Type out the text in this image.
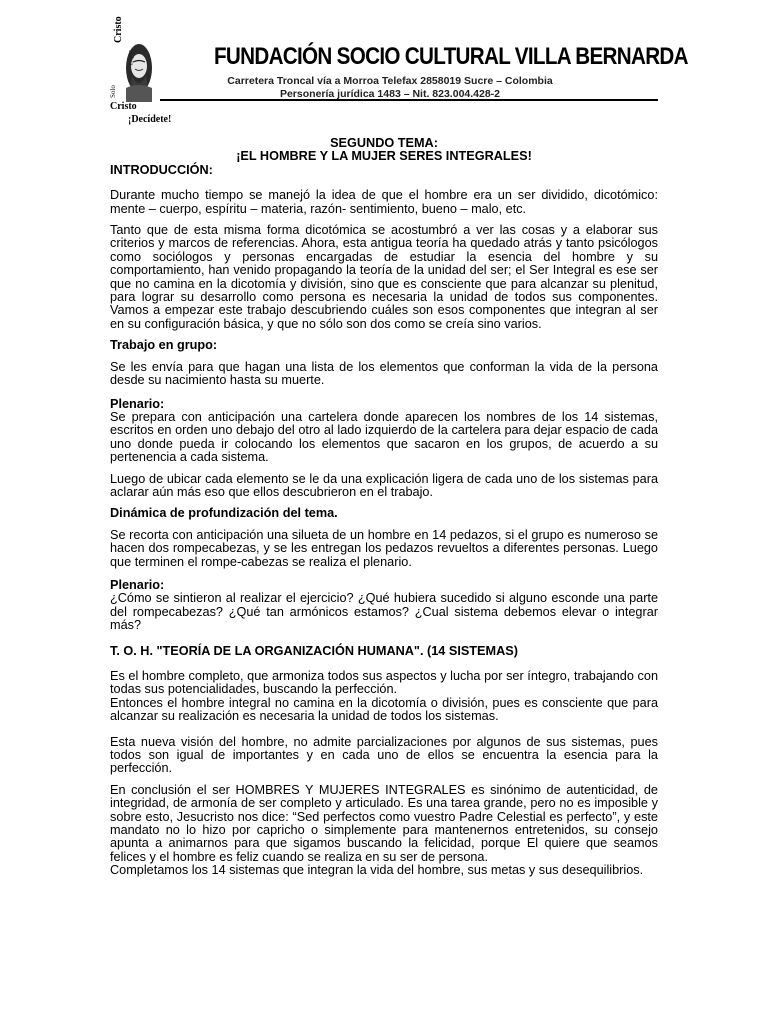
Solo
Salva
Cristo
FUNDACIÓN SOCIO CULTURAL VILLA BERNARDA
Carretera Troncal vía a Morroa Telefax 2858019 Sucre – Colombia
Personería jurídica 1483 – Nit. 823.004.428-2
Cristo
¡Decídete!

SEGUNDO TEMA:

¡EL HOMBRE Y LA MUJER SERES INTEGRALES!

INTRODUCCIÓN:

Durante mucho tiempo se manejó la idea de que el hombre era un ser dividido, dicotómico: mente – cuerpo, espíritu – materia, razón- sentimiento, bueno – malo, etc.

Tanto que de esta misma forma dicotómica se acostumbró a ver las cosas y a elaborar sus criterios y marcos de referencias. Ahora, esta antigua teoría ha quedado atrás y tanto psicólogos como sociólogos y personas encargadas de estudiar la esencia del hombre y su comportamiento, han venido propagando la teoría de la unidad del ser; el Ser Integral es ese ser que no camina en la dicotomía y división, sino que es consciente que para alcanzar su plenitud, para lograr su desarrollo como persona es necesaria la unidad de todos sus componentes. Vamos a empezar este trabajo descubriendo cuáles son esos componentes que integran al ser en su configuración básica, y que no sólo son dos como se creía sino varios.

Trabajo en grupo:

Se les envía para que hagan una lista de los elementos que conforman la vida de la persona desde su nacimiento hasta su muerte.

Plenario:

Se prepara con anticipación una cartelera donde aparecen los nombres de los 14 sistemas, escritos en orden uno debajo del otro al lado izquierdo de la cartelera para dejar espacio de cada uno donde pueda ir colocando los elementos que sacaron en los grupos, de acuerdo a su pertenencia a cada sistema.

Luego de ubicar cada elemento se le da una explicación ligera de cada uno de los sistemas para aclarar aún más eso que ellos descubrieron en el trabajo.

Dinámica de profundización del tema.

Se recorta con anticipación una silueta de un hombre en 14 pedazos, si el grupo es numeroso se hacen dos rompecabezas, y se les entregan los pedazos revueltos a diferentes personas. Luego que terminen el rompe-cabezas se realiza el plenario.

Plenario:

¿Cómo se sintieron al realizar el ejercicio? ¿Qué hubiera sucedido si alguno esconde una parte del rompecabezas? ¿Qué tan armónicos estamos? ¿Cual sistema debemos elevar o integrar más?

T. O. H. "TEORÍA DE LA ORGANIZACIÓN HUMANA". (14 SISTEMAS)

Es el hombre completo, que armoniza todos sus aspectos y lucha por ser íntegro, trabajando con todas sus potencialidades, buscando la perfección.

Entonces el hombre integral no camina en la dicotomía o división, pues es consciente que para alcanzar su realización es necesaria la unidad de todos los sistemas.

Esta nueva visión del hombre, no admite parcializaciones por algunos de sus sistemas, pues todos son igual de importantes y en cada uno de ellos se encuentra la esencia para la perfección.

En conclusión el ser HOMBRES Y MUJERES INTEGRALES es sinónimo de autenticidad, de integridad, de armonía de ser completo y articulado. Es una tarea grande, pero no es imposible y sobre esto, Jesucristo nos dice: “Sed perfectos como vuestro Padre Celestial es perfecto”, y este mandato no lo hizo por capricho o simplemente para mantenernos entretenidos, su consejo apunta a animarnos para que sigamos buscando la felicidad, porque El quiere que seamos felices y el hombre es feliz cuando se realiza en su ser de persona.

Completamos los 14 sistemas que integran la vida del hombre, sus metas y sus desequilibrios.
